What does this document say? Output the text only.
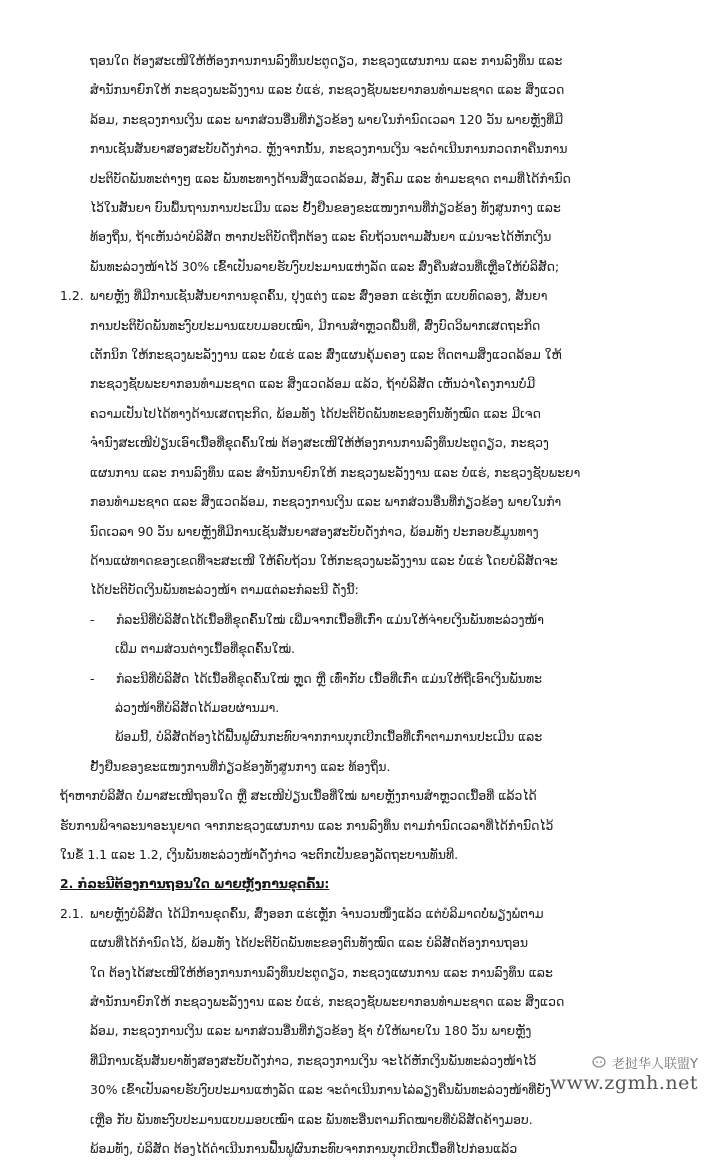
ຖອນໃດ ຕ້ອງສະເໜີໃຫ້ຫ້ອງການການລົງທຶນປະຕູດຽວ, ກະຊວງແຜນການ ແລະ ການລົງທຶນ ແລະ
ສຳນັກນາຍົກໃຫ້ ກະຊວງພະລັງງານ ແລະ ບໍ່ແຮ່, ກະຊວງຊັບພະຍາກອນທຳມະຊາດ ແລະ ສິ່ງແວດ
ລ້ອມ, ກະຊວງການເງິນ ແລະ ພາກສ່ວນອື່ນທີ່ກ່ຽວຂ້ອງ ພາຍໃນກຳນົດເວລາ 120 ວັນ ພາຍຫຼັງທີ່ມີ
ການເຊັນສັນຍາສອງສະບັບດັ່ງກ່າວ. ຫຼັງຈາກນັ້ນ, ກະຊວງການເງິນ ຈະດຳເນີນການກວດກາຄືນການ
ປະຕິບັດພັນທະຕ່າງໆ ແລະ ພັນທະທາງດ້ານສິ່ງແວດລ້ອມ, ສັງຄົມ ແລະ ທຳມະຊາດ ຕາມທີ່ໄດ້ກຳນົດ
ໄວ້ໃນສັນຍາ ບົນພື້ນຖານການປະເມີນ ແລະ ຢັ້ງຢືນຂອງຂະແໜງການທີ່ກ່ຽວຂ້ອງ ທັງສູນກາງ ແລະ
ທ້ອງຖິ່ນ, ຖ້າເຫັນວ່າບໍລິສັດ ຫາກປະຕິບັດຖືກຕ້ອງ ແລະ ຄົບຖ້ວນຕາມສັນຍາ ແມ່ນຈະໄດ້ຫັກເງິນ
ພັນທະລ່ວງໜ້າໄວ້ 30% ເຂົ້າເປັນລາຍຮັບງົບປະມານແຫ່ງລັດ ແລະ ສົ່ງຄືນສ່ວນທີ່ເຫຼືອໃຫ້ບໍລິສັດ;
1.2. ພາຍຫຼັງ ທີ່ມີການເຊັນສັນຍາການຂຸດຄົ້ນ, ປຸງແຕ່ງ ແລະ ສົ່ງອອກ ແຮ່ເຫຼັກ ແບບທົດລອງ, ສັນຍາ
ການປະຕິບັດພັນທະງົບປະມານແບບມອບເໝົາ, ມີການສຳຫຼວດພື້ນທີ່, ສົ່ງບົດວິພາກເສດຖະກິດ
ເຕັກນິກ ໃຫ້ກະຊວງພະລັງງານ ແລະ ບໍ່ແຮ່ ແລະ ສົ່ງແຜນຄຸ້ມຄອງ ແລະ ຕິດຕາມສິ່ງແວດລ້ອມ ໃຫ້
ກະຊວງຊັບພະຍາກອນທຳມະຊາດ ແລະ ສິ່ງແວດລ້ອມ ແລ້ວ, ຖ້າບໍລິສັດ ເຫັນວ່າໂຄງການບໍ່ມີ
ຄວາມເປັນໄປໄດ້ທາງດ້ານເສດຖະກິດ, ພ້ອມທັງ ໄດ້ປະຕິບັດພັນທະຂອງຕົນທັງໝົດ ແລະ ມີເຈດ
ຈຳນົງສະເໜີປ່ຽນເອົາເນື້ອທີ່ຂຸດຄົ້ນໃໝ່ ຕ້ອງສະເໜີໃຫ້ຫ້ອງການການລົງທຶນປະຕູດຽວ, ກະຊວງ
ແຜນການ ແລະ ການລົງທຶນ ແລະ ສຳນັກນາຍົກໃຫ້ ກະຊວງພະລັງງານ ແລະ ບໍ່ແຮ່, ກະຊວງຊັບພະຍາ
ກອນທຳມະຊາດ ແລະ ສິ່ງແວດລ້ອມ, ກະຊວງການເງິນ ແລະ ພາກສ່ວນອື່ນທີ່ກ່ຽວຂ້ອງ ພາຍໃນກຳ
ນົດເວລາ 90 ວັນ ພາຍຫຼັງທີ່ມີການເຊັນສັນຍາສອງສະບັບດັ່ງກ່າວ, ພ້ອມທັງ ປະກອບຂໍ້ມູນທາງ
ດ້ານແຜ່ທາດຂອງເຂດທີ່ຈະສະເໜີ ໃຫ້ຄົບຖ້ວນ ໃຫ້ກະຊວງພະລັງງານ ແລະ ບໍ່ແຮ່ ໂດຍບໍລິສັດຈະ
ໄດ້ປະຕິບັດເງິນພັນທະລ່ວງໜ້າ ຕາມແຕ່ລະກໍລະນີ ດັ່ງນີ້:
- ກໍລະນີທີ່ບໍລິສັດໄດ້ເນື້ອທີ່ຂຸດຄົ້ນໃໝ່ ເພີ່ມຈາກເນື້ອທີ່ເກົ່າ ແມ່ນໃຫ້ຈ່າຍເງິນພັນທະລ່ວງໜ້າ
ເພີ່ມ ຕາມສ່ວນຕ່າງເນື້ອທີ່ຂຸດຄົ້ນໃໝ່.
- ກໍລະນີທີ່ບໍລິສັດ ໄດ້ເນື້ອທີ່ຂຸດຄົ້ນໃໝ່ ຫຼຸດ ຫຼື ເທົ່າກັບ ເນື້ອທີ່ເກົ່າ ແມ່ນໃຫ້ຖືເອົາເງິນພັນທະ
ລ່ວງໜ້າທີ່ບໍລິສັດໄດ້ມອບຜ່ານມາ.
ພ້ອມນີ້, ບໍລິສັດຕ້ອງໄດ້ຟື້ນຟູຜົນກະທົບຈາກການບຸກເບີກເນື້ອທີ່ເກົ່າຕາມການປະເມີນ ແລະ
ຢັ້ງຢືນຂອງຂະແໜງການທີ່ກ່ຽວຂ້ອງທັງສູນກາງ ແລະ ທ້ອງຖິ່ນ.
ຖ້າຫາກບໍລິສັດ ບໍ່ມາສະເໜີຖອນໃດ ຫຼື ສະເໜີປ່ຽນເນື້ອທີ່ໃໝ່ ພາຍຫຼັງການສຳຫຼວດເນື້ອທີ່ ແລ້ວໄດ້
ຮັບການພິຈາລະນາອະນຸຍາດ ຈາກກະຊວງແຜນການ ແລະ ການລົງທຶນ ຕາມກຳນົດເວລາທີ່ໄດ້ກຳນົດໄວ້
ໃນຂໍ້ 1.1 ແລະ 1.2, ເງິນພັນທະລ່ວງໜ້າດັ່ງກ່າວ ຈະຕົກເປັນຂອງລັດຖະບານທັນທີ.
2. ກໍລະນີຕ້ອງການຖອນໃດ ພາຍຫຼັງການຂຸດຄົ້ນ:
2.1. ພາຍຫຼັງບໍລິສັດ ໄດ້ມີການຂຸດຄົ້ນ, ສົ່ງອອກ ແຮ່ເຫຼັກ ຈຳນວນໜຶ່ງແລ້ວ ແຕ່ບໍລິມາດບໍ່ພຽງພໍຕາມ
ແຜນທີ່ໄດ້ກຳນົດໄວ້, ພ້ອມທັງ ໄດ້ປະຕິບັດພັນທະຂອງຕົນທັງໝົດ ແລະ ບໍລິສັດຕ້ອງການຖອນ
ໃດ ຕ້ອງໄດ້ສະເໜີໃຫ້ຫ້ອງການການລົງທຶນປະຕູດຽວ, ກະຊວງແຜນການ ແລະ ການລົງທຶນ ແລະ
ສຳນັກນາຍົກໃຫ້ ກະຊວງພະລັງງານ ແລະ ບໍ່ແຮ່, ກະຊວງຊັບພະຍາກອນທຳມະຊາດ ແລະ ສິ່ງແວດ
ລ້ອມ, ກະຊວງການເງິນ ແລະ ພາກສ່ວນອື່ນທີ່ກ່ຽວຂ້ອງ ຊ້າ ບໍ່ໃຫ້ພາຍໃນ 180 ວັນ ພາຍຫຼັງ
ທີ່ມີການເຊັນສັນຍາທັງສອງສະບັບດັ່ງກ່າວ, ກະຊວງການເງິນ ຈະໄດ້ຫັກເງິນພັນທະລ່ວງໜ້າໄວ້
30% ເຂົ້າເປັນລາຍຮັບງົບປະມານແຫ່ງລັດ ແລະ ຈະດຳເນີນການໄລ່ລຽງຄືນພັນທະລ່ວງໜ້າທີ່ຍັງ
ເຫຼືອ ກັບ ພັນທະງົບປະມານແບບມອບເໝົາ ແລະ ພັນທະອື່ນຕາມກົດໝາຍທີ່ບໍລິສັດຄ້າງມອບ.
ພ້ອມທັງ, ບໍລິສັດ ຕ້ອງໄດ້ດຳເນີນການຟື້ນຟູຜົນກະທົບຈາກການບຸກເບີກເນື້ອທີ່ໄປກ່ອນແລ້ວ
老挝华人联盟Y
www.zgmh.net
